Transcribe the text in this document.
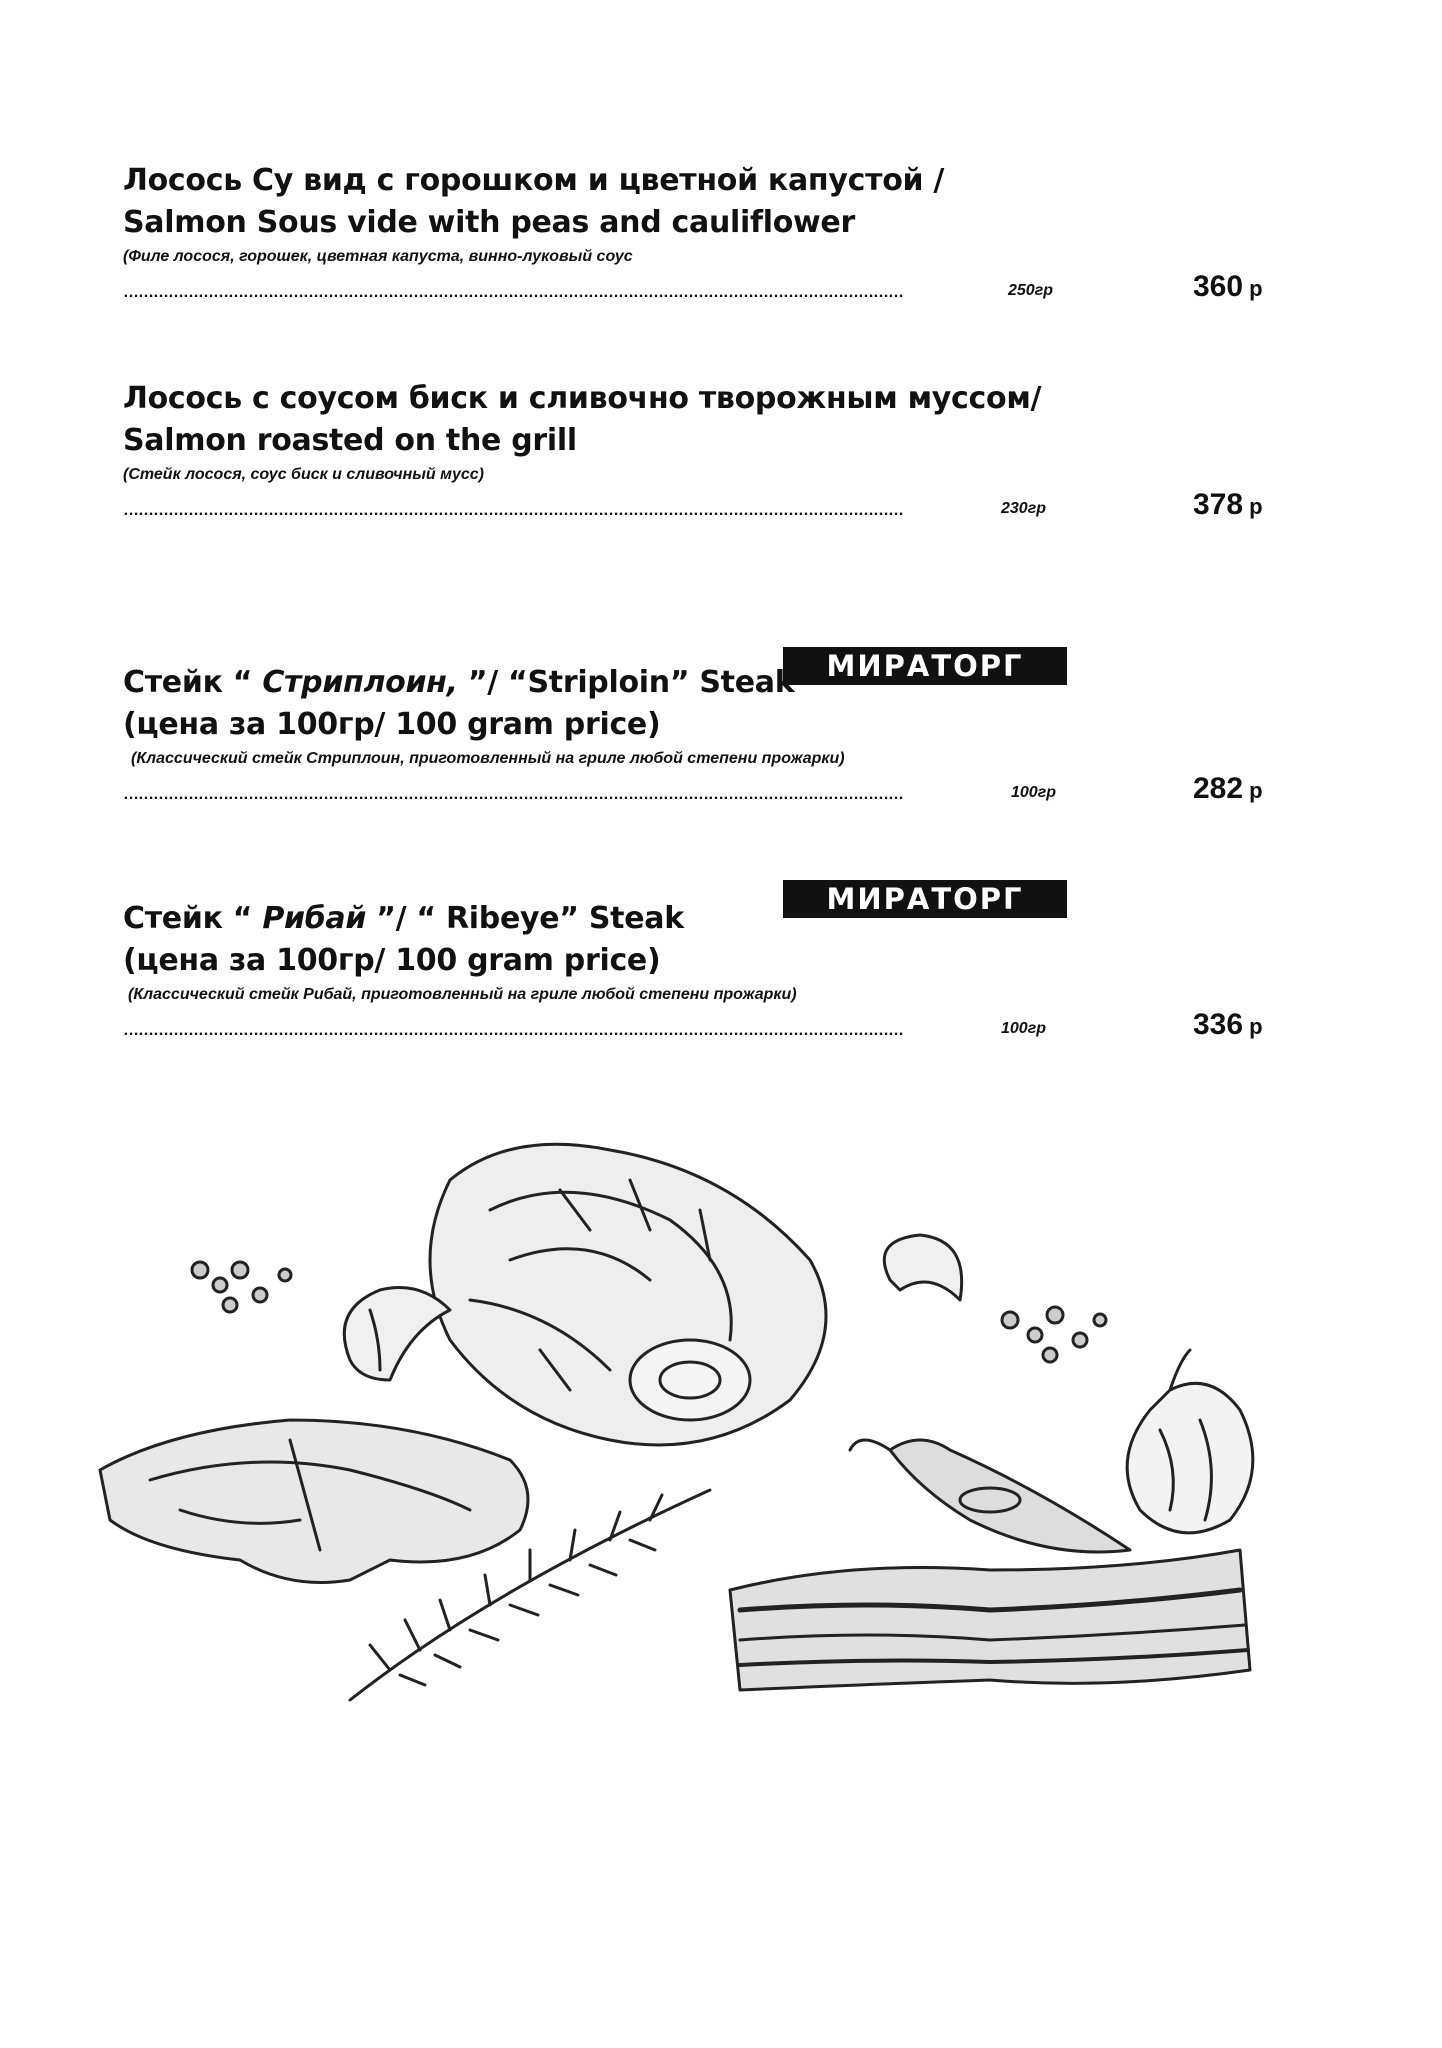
Лосось Су вид с горошком и цветной капустой /

Salmon Sous vide with peas and cauliflower

(Филе лосося, горошек, цветная капуста, винно-луковый соус

…………………………………………………………………………………………………………………………………………	250гр	360 р

Лосось с соусом биск и сливочно творожным муссом/

Salmon roasted on the grill

(Стейк лосося, соус биск и сливочный мусс)

…………………………………………………………………………………………………………………………………………	230гр	378 р
МИРАТОРГ

Стейк “ Стриплоин, ”/ “Striploin” Steak

(цена за 100гр/ 100 gram price)

(Классический стейк Стриплоин, приготовленный на гриле любой степени прожарки)

…………………………………………………………………………………………………………………………………………	100гр	282 р
МИРАТОРГ

Стейк “ Рибай ”/ “ Ribeye” Steak

(цена за 100гр/ 100 gram price)

(Классический стейк Рибай, приготовленный на гриле любой степени прожарки)

…………………………………………………………………………………………………………………………………………	100гр	336 р
